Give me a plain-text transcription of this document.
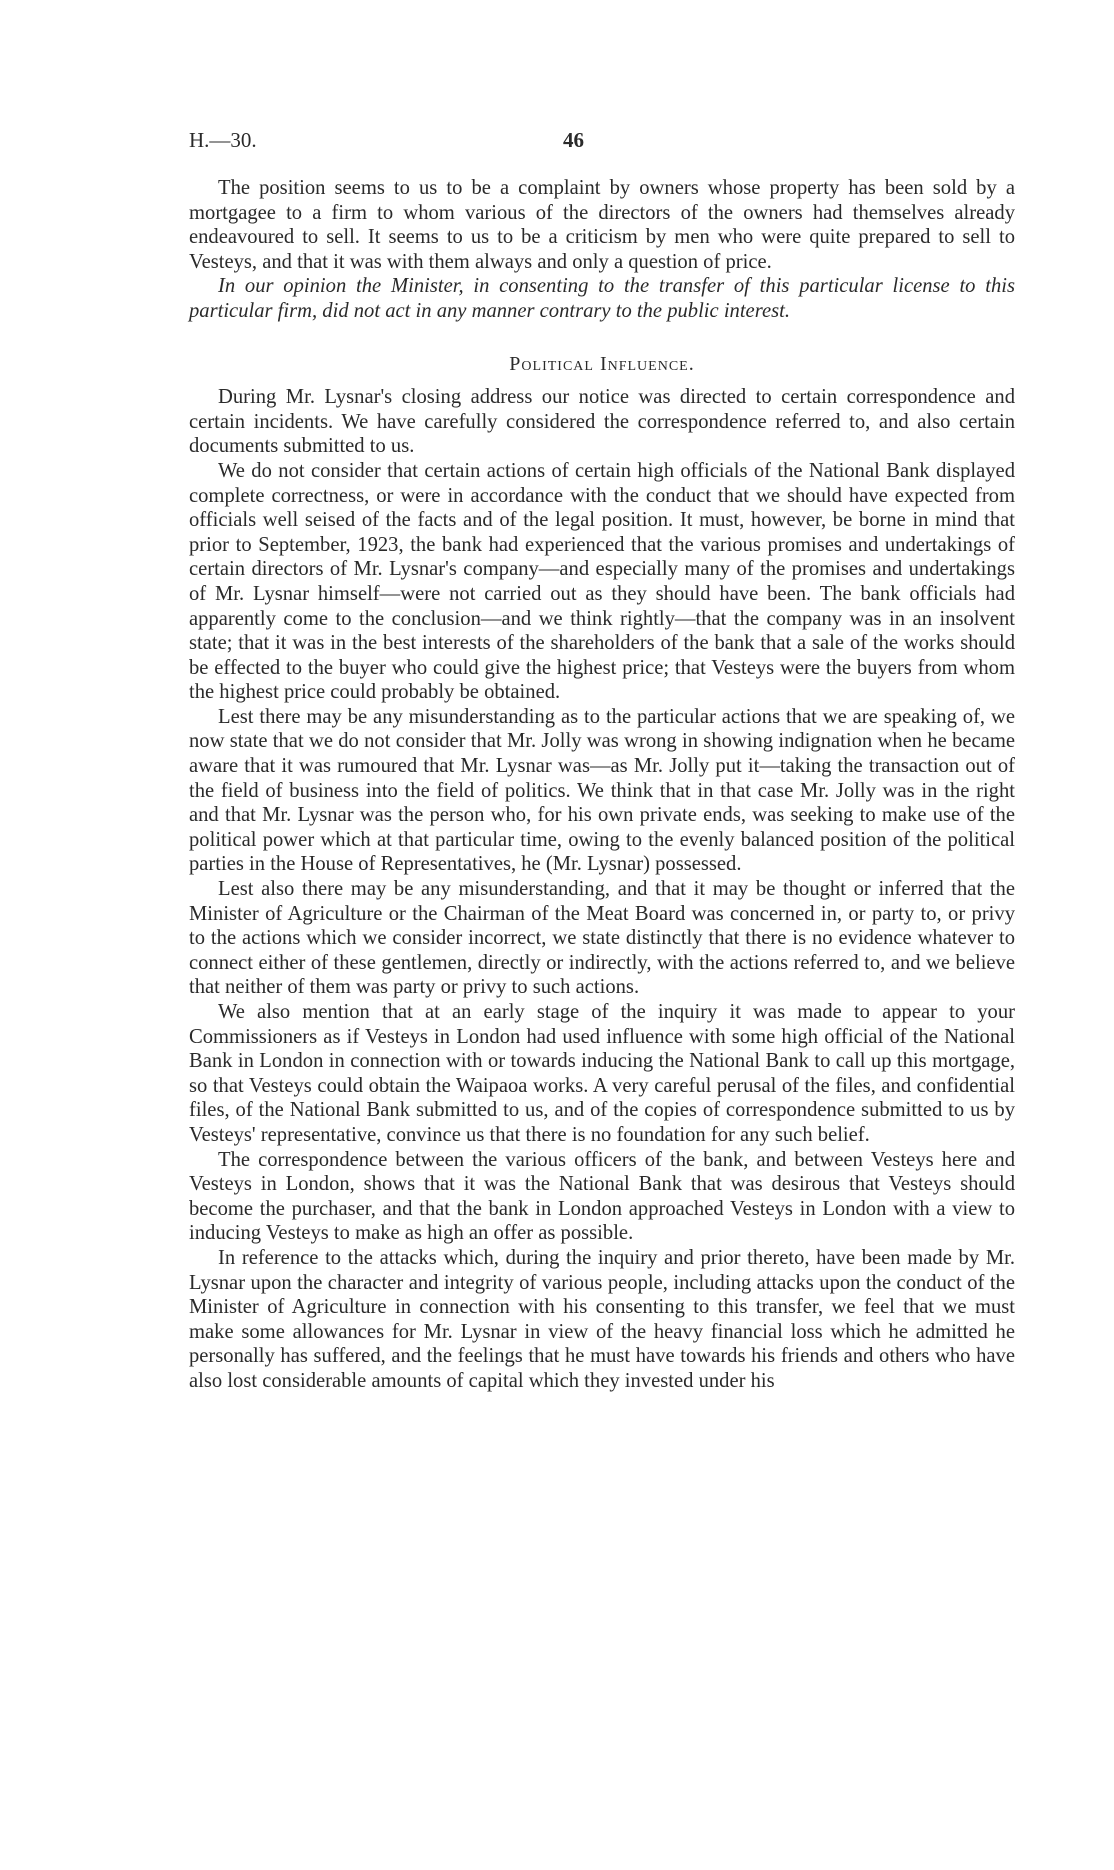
H.—30.	46

The position seems to us to be a complaint by owners whose property has been sold by a mortgagee to a firm to whom various of the directors of the owners had themselves already endeavoured to sell. It seems to us to be a criticism by men who were quite prepared to sell to Vesteys, and that it was with them always and only a question of price.

In our opinion the Minister, in consenting to the transfer of this particular license to this particular firm, did not act in any manner contrary to the public interest.

Political Influence.

During Mr. Lysnar's closing address our notice was directed to certain correspondence and certain incidents. We have carefully considered the correspondence referred to, and also certain documents submitted to us.

We do not consider that certain actions of certain high officials of the National Bank displayed complete correctness, or were in accordance with the conduct that we should have expected from officials well seised of the facts and of the legal position. It must, however, be borne in mind that prior to September, 1923, the bank had experienced that the various promises and undertakings of certain directors of Mr. Lysnar's company—and especially many of the promises and undertakings of Mr. Lysnar himself—were not carried out as they should have been. The bank officials had apparently come to the conclusion—and we think rightly—that the company was in an insolvent state; that it was in the best interests of the shareholders of the bank that a sale of the works should be effected to the buyer who could give the highest price; that Vesteys were the buyers from whom the highest price could probably be obtained.

Lest there may be any misunderstanding as to the particular actions that we are speaking of, we now state that we do not consider that Mr. Jolly was wrong in showing indignation when he became aware that it was rumoured that Mr. Lysnar was—as Mr. Jolly put it—taking the transaction out of the field of business into the field of politics. We think that in that case Mr. Jolly was in the right and that Mr. Lysnar was the person who, for his own private ends, was seeking to make use of the political power which at that particular time, owing to the evenly balanced position of the political parties in the House of Representatives, he (Mr. Lysnar) possessed.

Lest also there may be any misunderstanding, and that it may be thought or inferred that the Minister of Agriculture or the Chairman of the Meat Board was concerned in, or party to, or privy to the actions which we consider incorrect, we state distinctly that there is no evidence whatever to connect either of these gentlemen, directly or indirectly, with the actions referred to, and we believe that neither of them was party or privy to such actions.

We also mention that at an early stage of the inquiry it was made to appear to your Commissioners as if Vesteys in London had used influence with some high official of the National Bank in London in connection with or towards inducing the National Bank to call up this mortgage, so that Vesteys could obtain the Waipaoa works. A very careful perusal of the files, and confidential files, of the National Bank submitted to us, and of the copies of correspondence submitted to us by Vesteys' representative, convince us that there is no foundation for any such belief.

The correspondence between the various officers of the bank, and between Vesteys here and Vesteys in London, shows that it was the National Bank that was desirous that Vesteys should become the purchaser, and that the bank in London approached Vesteys in London with a view to inducing Vesteys to make as high an offer as possible.

In reference to the attacks which, during the inquiry and prior thereto, have been made by Mr. Lysnar upon the character and integrity of various people, including attacks upon the conduct of the Minister of Agriculture in connection with his consenting to this transfer, we feel that we must make some allowances for Mr. Lysnar in view of the heavy financial loss which he admitted he personally has suffered, and the feelings that he must have towards his friends and others who have also lost considerable amounts of capital which they invested under his
